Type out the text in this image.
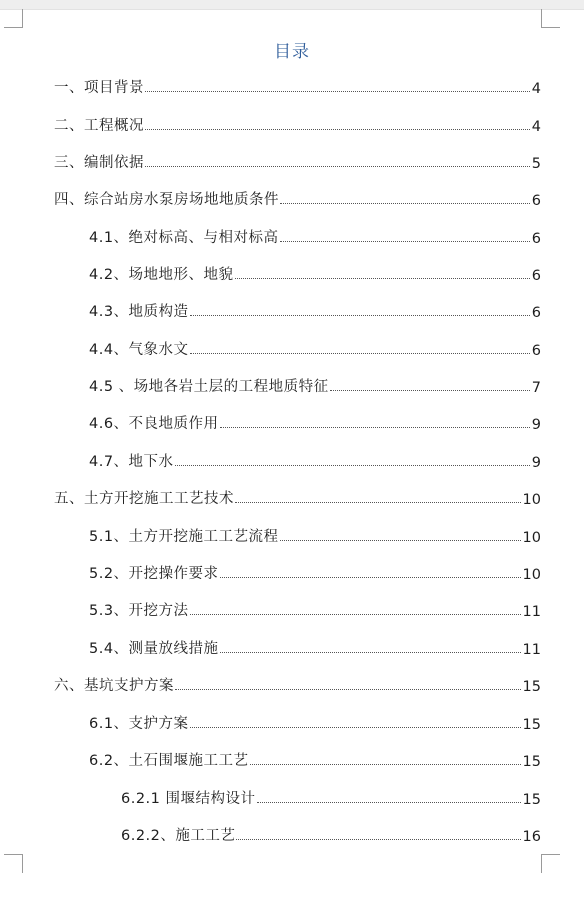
目录
一、项目背景	4
二、工程概况	4
三、编制依据	5
四、综合站房水泵房场地地质条件	6
4.1、绝对标高、与相对标高	6
4.2、场地地形、地貌	6
4.3、地质构造	6
4.4、气象水文	6
4.5 、场地各岩土层的工程地质特征	7
4.6、不良地质作用	9
4.7、地下水	9
五、土方开挖施工工艺技术	10
5.1、土方开挖施工工艺流程	10
5.2、开挖操作要求	10
5.3、开挖方法	11
5.4、测量放线措施	11
六、基坑支护方案	15
6.1、支护方案	15
6.2、土石围堰施工工艺	15
6.2.1 围堰结构设计	15
6.2.2、施工工艺	16
